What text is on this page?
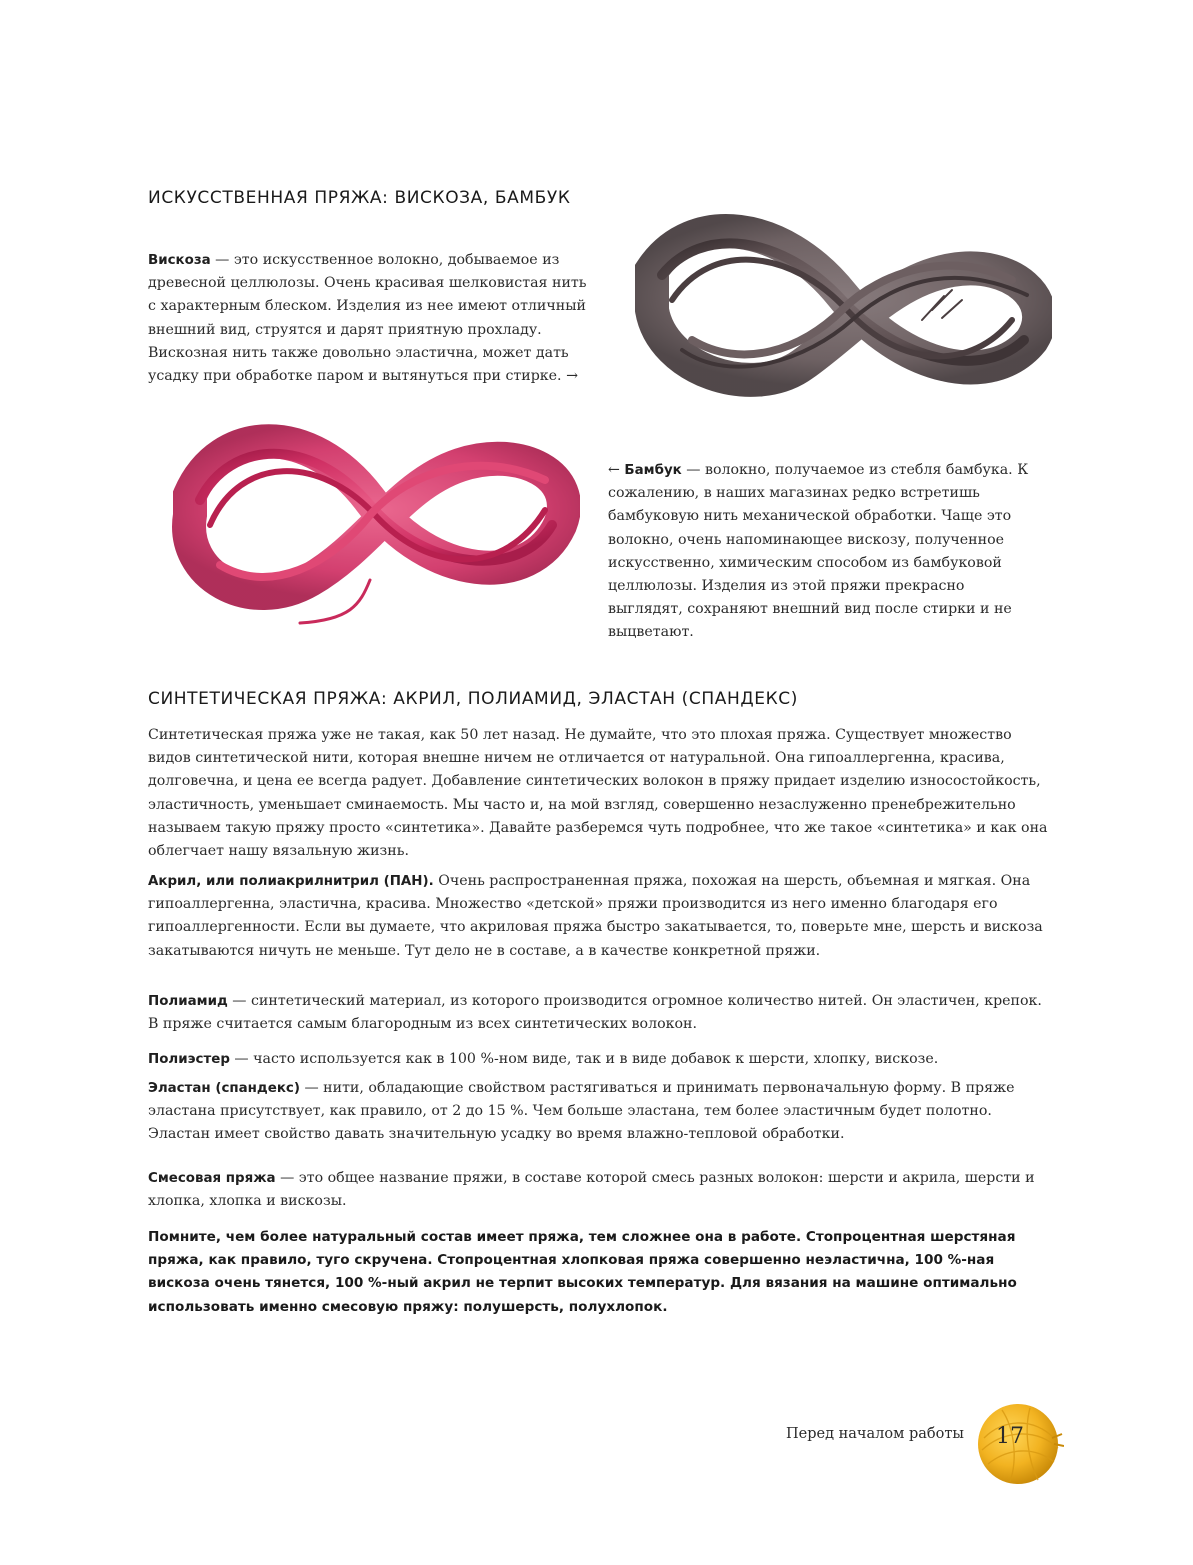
ИСКУССТВЕННАЯ ПРЯЖА: ВИСКОЗА, БАМБУК

Вискоза — это искусственное волокно, добываемое из древесной целлюлозы. Очень красивая шелковистая нить с характерным блеском. Изделия из нее имеют отличный внешний вид, струятся и дарят приятную прохладу. Вискозная нить также довольно эластична, может дать усадку при обработке паром и вытянуться при стирке. →

← Бамбук — волокно, получаемое из стебля бамбука. К сожалению, в наших магазинах редко встретишь бамбуковую нить механической обработки. Чаще это волокно, очень напоминающее вискозу, полученное искусственно, химическим способом из бамбуковой целлюлозы. Изделия из этой пряжи прекрасно выглядят, сохраняют внешний вид после стирки и не выцветают.

СИНТЕТИЧЕСКАЯ ПРЯЖА: АКРИЛ, ПОЛИАМИД, ЭЛАСТАН (СПАНДЕКС)

Синтетическая пряжа уже не такая, как 50 лет назад. Не думайте, что это плохая пряжа. Существует множество видов синтетической нити, которая внешне ничем не отличается от натуральной. Она гипоаллергенна, красива, долговечна, и цена ее всегда радует. Добавление синтетических волокон в пряжу придает изделию износостойкость, эластичность, уменьшает сминаемость. Мы часто и, на мой взгляд, совершенно незаслуженно пренебрежительно называем такую пряжу просто «синтетика». Давайте разберемся чуть подробнее, что же такое «синтетика» и как она облегчает нашу вязальную жизнь.

Акрил, или полиакрилнитрил (ПАН). Очень распространенная пряжа, похожая на шерсть, объемная и мягкая. Она гипоаллергенна, эластична, красива. Множество «детской» пряжи производится из него именно благодаря его гипоаллергенности. Если вы думаете, что акриловая пряжа быстро закатывается, то, поверьте мне, шерсть и вискоза закатываются ничуть не меньше. Тут дело не в составе, а в качестве конкретной пряжи.

Полиамид — синтетический материал, из которого производится огромное количество нитей. Он эластичен, крепок. В пряже считается самым благородным из всех синтетических волокон.

Полиэстер — часто используется как в 100 %-ном виде, так и в виде добавок к шерсти, хлопку, вискозе.

Эластан (спандекс) — нити, обладающие свойством растягиваться и принимать первоначальную форму. В пряже эластана присутствует, как правило, от 2 до 15 %. Чем больше эластана, тем более эластичным будет полотно. Эластан имеет свойство давать значительную усадку во время влажно-тепловой обработки.

Смесовая пряжа — это общее название пряжи, в составе которой смесь разных волокон: шерсти и акрила, шерсти и хлопка, хлопка и вискозы.

Помните, чем более натуральный состав имеет пряжа, тем сложнее она в работе. Стопроцентная шерстяная пряжа, как правило, туго скручена. Стопроцентная хлопковая пряжа совершенно неэластична, 100 %-ная вискоза очень тянется, 100 %-ный акрил не терпит высоких температур. Для вязания на машине оптимально использовать именно смесовую пряжу: полушерсть, полухлопок.

Перед началом работы 17
